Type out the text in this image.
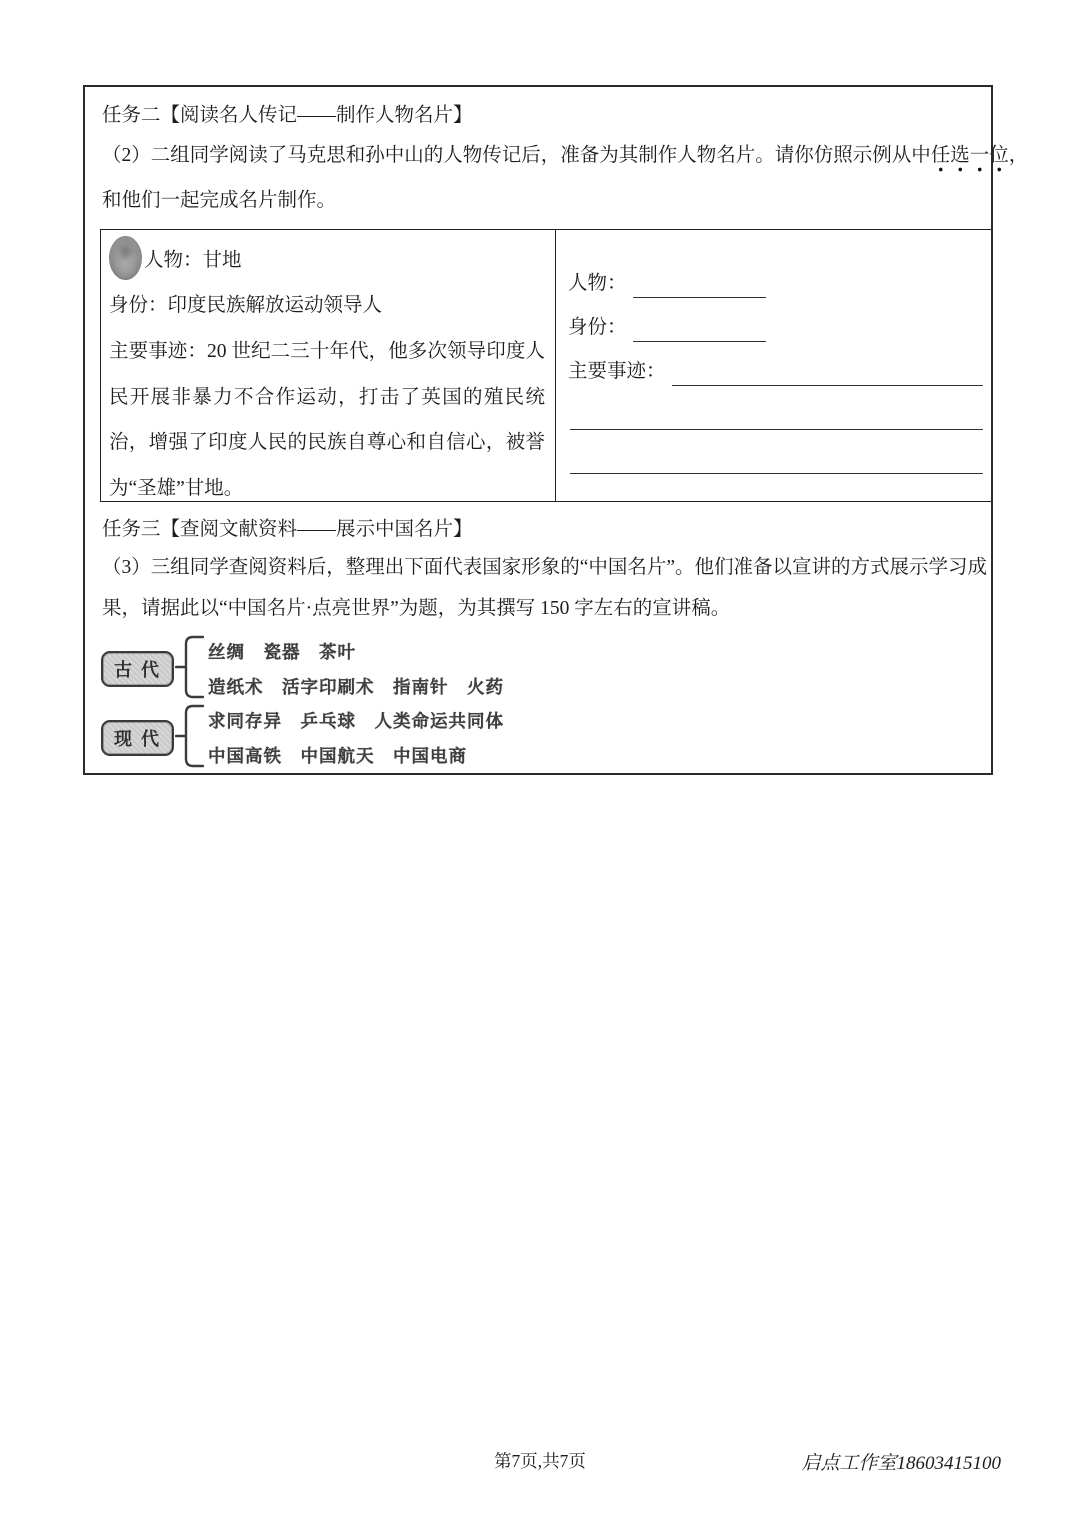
任务二【阅读名人传记——制作人物名片】
（2）二组同学阅读了马克思和孙中山的人物传记后，准备为其制作人物名片。请你仿照示例从中任选一位，
和他们一起完成名片制作。
人物：甘地
身份：印度民族解放运动领导人
主要事迹：20 世纪二三十年代，他多次领导印度人民开展非暴力不合作运动，打击了英国的殖民统治，增强了印度人民的民族自尊心和自信心，被誉为“圣雄”甘地。
人物：
身份：
主要事迹：
任务三【查阅文献资料——展示中国名片】
（3）三组同学查阅资料后，整理出下面代表国家形象的“中国名片”。他们准备以宣讲的方式展示学习成
果，请据此以“中国名片·点亮世界”为题，为其撰写 150 字左右的宣讲稿。
古代
丝绸　瓷器　茶叶
造纸术　活字印刷术　指南针　火药
现代
求同存异　乒乓球　人类命运共同体
中国高铁　中国航天　中国电商
第7页,共7页	启点工作室18603415100
